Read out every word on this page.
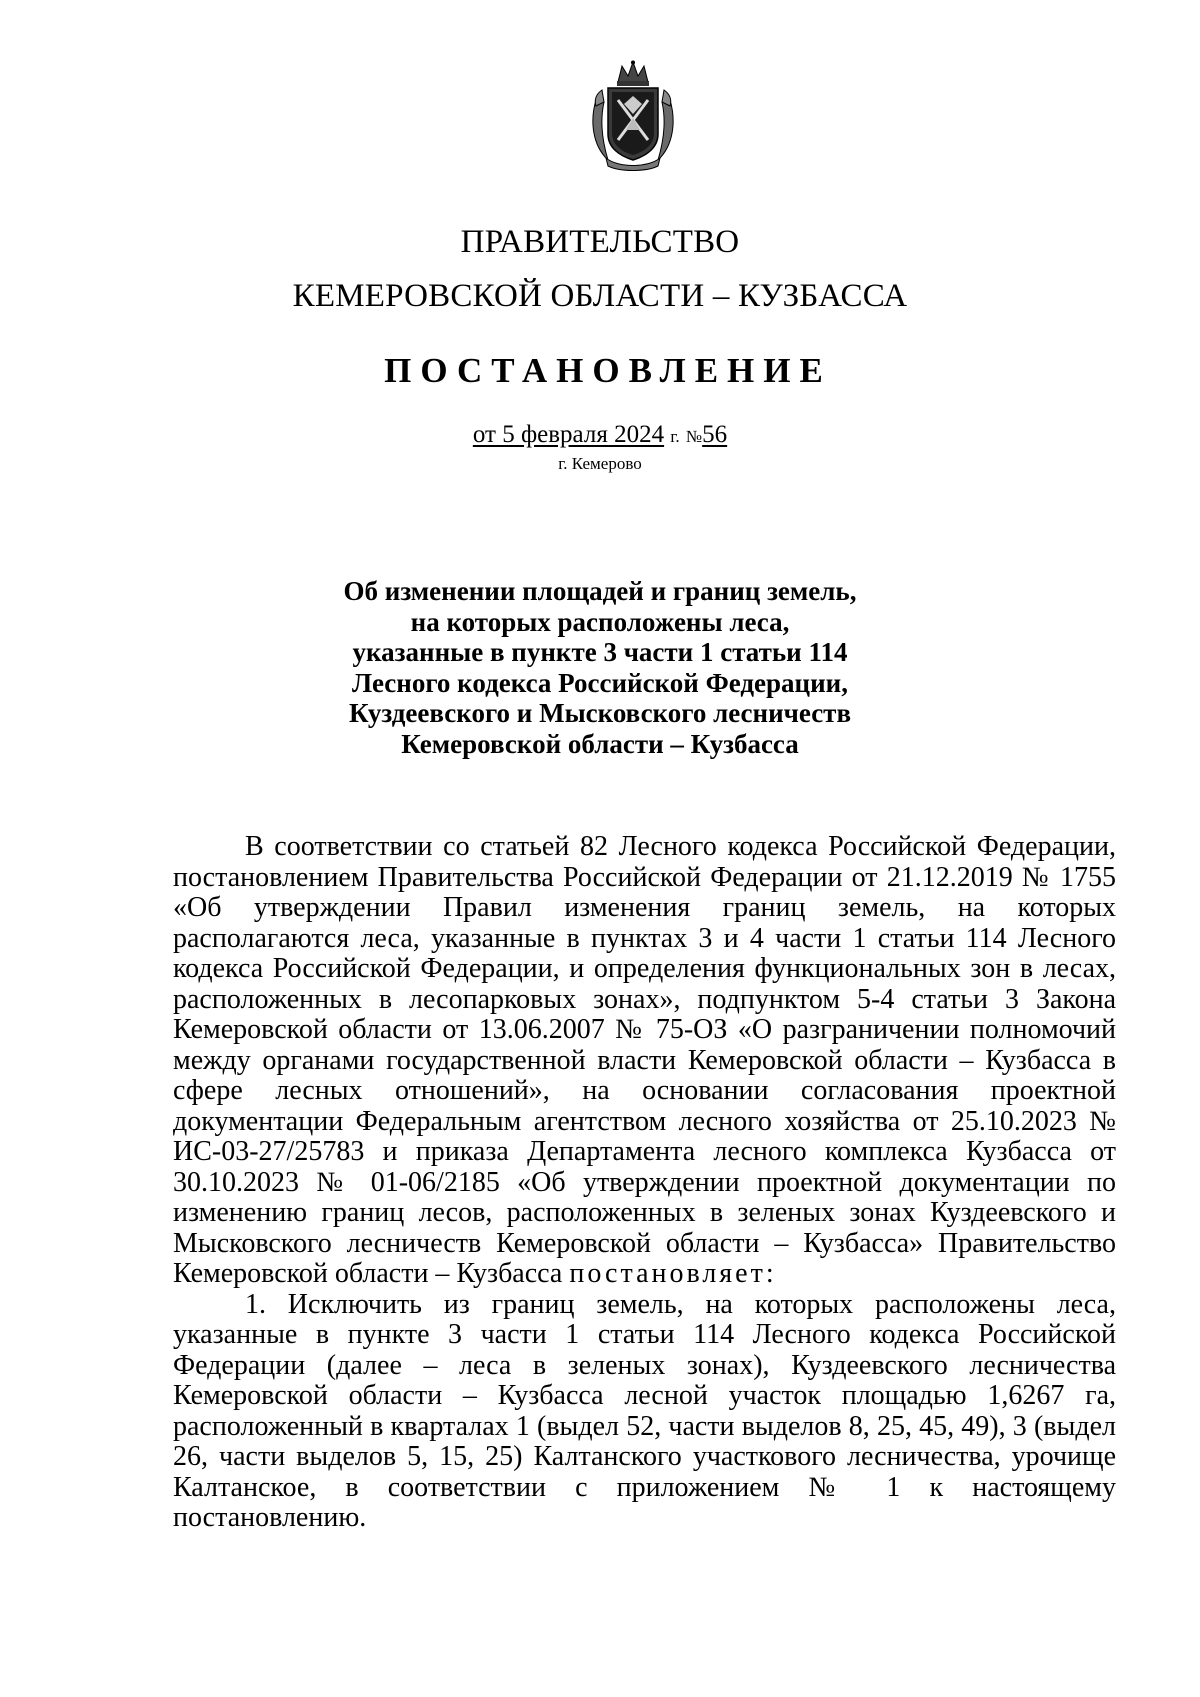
ПРАВИТЕЛЬСТВО
КЕМЕРОВСКОЙ ОБЛАСТИ – КУЗБАССА
ПОСТАНОВЛЕНИЕ
от 5 февраля 2024 г. №56
г. Кемерово
Об изменении площадей и границ земель,
на которых расположены леса,
указанные в пункте 3 части 1 статьи 114
Лесного кодекса Российской Федерации,
Куздеевского и Мысковского лесничеств
Кемеровской области – Кузбасса

В соответствии со статьей 82 Лесного кодекса Российской Федерации, постановлением Правительства Российской Федерации от 21.12.2019 № 1755 «Об утверждении Правил изменения границ земель, на которых располагаются леса, указанные в пунктах 3 и 4 части 1 статьи 114 Лесного кодекса Российской Федерации, и определения функциональных зон в лесах, расположенных в лесопарковых зонах», подпунктом 5-4 статьи 3 Закона Кемеровской области от 13.06.2007 № 75-ОЗ «О разграничении полномочий между органами государственной власти Кемеровской области – Кузбасса в сфере лесных отношений», на основании согласования проектной документации Федеральным агентством лесного хозяйства от 25.10.2023 № ИС-03-27/25783 и приказа Департамента лесного комплекса Кузбасса от 30.10.2023 № 01-06/2185 «Об утверждении проектной документации по изменению границ лесов, расположенных в зеленых зонах Куздеевского и Мысковского лесничеств Кемеровской области – Кузбасса» Правительство Кемеровской области – Кузбасса постановляет:

1. Исключить из границ земель, на которых расположены леса, указанные в пункте 3 части 1 статьи 114 Лесного кодекса Российской Федерации (далее – леса в зеленых зонах), Куздеевского лесничества Кемеровской области – Кузбасса лесной участок площадью 1,6267 га, расположенный в кварталах 1 (выдел 52, части выделов 8, 25, 45, 49), 3 (выдел 26, части выделов 5, 15, 25) Калтанского участкового лесничества, урочище Калтанское, в соответствии с приложением № 1 к настоящему постановлению.
